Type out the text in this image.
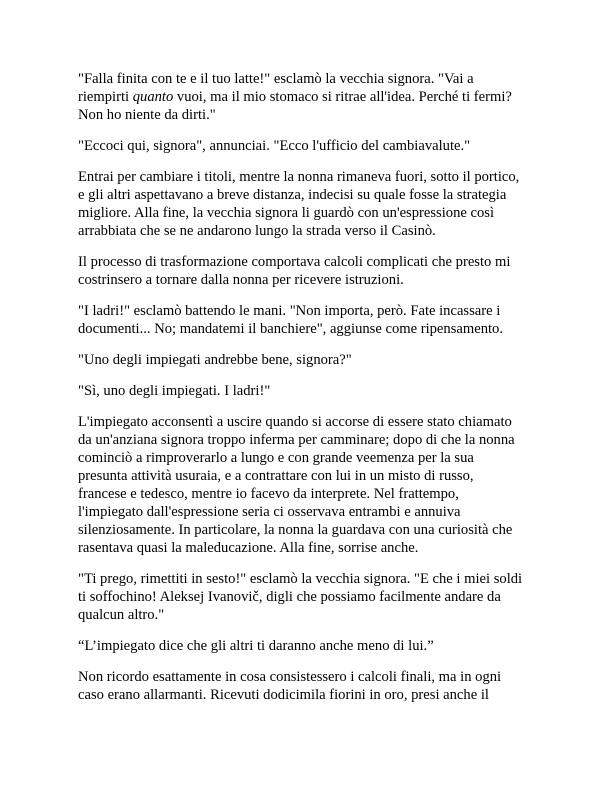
"Falla finita con te e il tuo latte!" esclamò la vecchia signora. "Vai a
riempirti quanto vuoi, ma il mio stomaco si ritrae all'idea. Perché ti fermi?
Non ho niente da dirti."

"Eccoci qui, signora", annunciai. "Ecco l'ufficio del cambiavalute."

Entrai per cambiare i titoli, mentre la nonna rimaneva fuori, sotto il portico,
e gli altri aspettavano a breve distanza, indecisi su quale fosse la strategia
migliore. Alla fine, la vecchia signora li guardò con un'espressione così
arrabbiata che se ne andarono lungo la strada verso il Casinò.

Il processo di trasformazione comportava calcoli complicati che presto mi
costrinsero a tornare dalla nonna per ricevere istruzioni.

"I ladri!" esclamò battendo le mani. "Non importa, però. Fate incassare i
documenti... No; mandatemi il banchiere", aggiunse come ripensamento.

"Uno degli impiegati andrebbe bene, signora?"

"Sì, uno degli impiegati. I ladri!"

L'impiegato acconsentì a uscire quando si accorse di essere stato chiamato
da un'anziana signora troppo inferma per camminare; dopo di che la nonna
cominciò a rimproverarlo a lungo e con grande veemenza per la sua
presunta attività usuraia, e a contrattare con lui in un misto di russo,
francese e tedesco, mentre io facevo da interprete. Nel frattempo,
l'impiegato dall'espressione seria ci osservava entrambi e annuiva
silenziosamente. In particolare, la nonna la guardava con una curiosità che
rasentava quasi la maleducazione. Alla fine, sorrise anche.

"Ti prego, rimettiti in sesto!" esclamò la vecchia signora. "E che i miei soldi
ti soffochino! Aleksej Ivanovič, digli che possiamo facilmente andare da
qualcun altro."

“L’impiegato dice che gli altri ti daranno anche meno di lui.”

Non ricordo esattamente in cosa consistessero i calcoli finali, ma in ogni
caso erano allarmanti. Ricevuti dodicimila fiorini in oro, presi anche il
